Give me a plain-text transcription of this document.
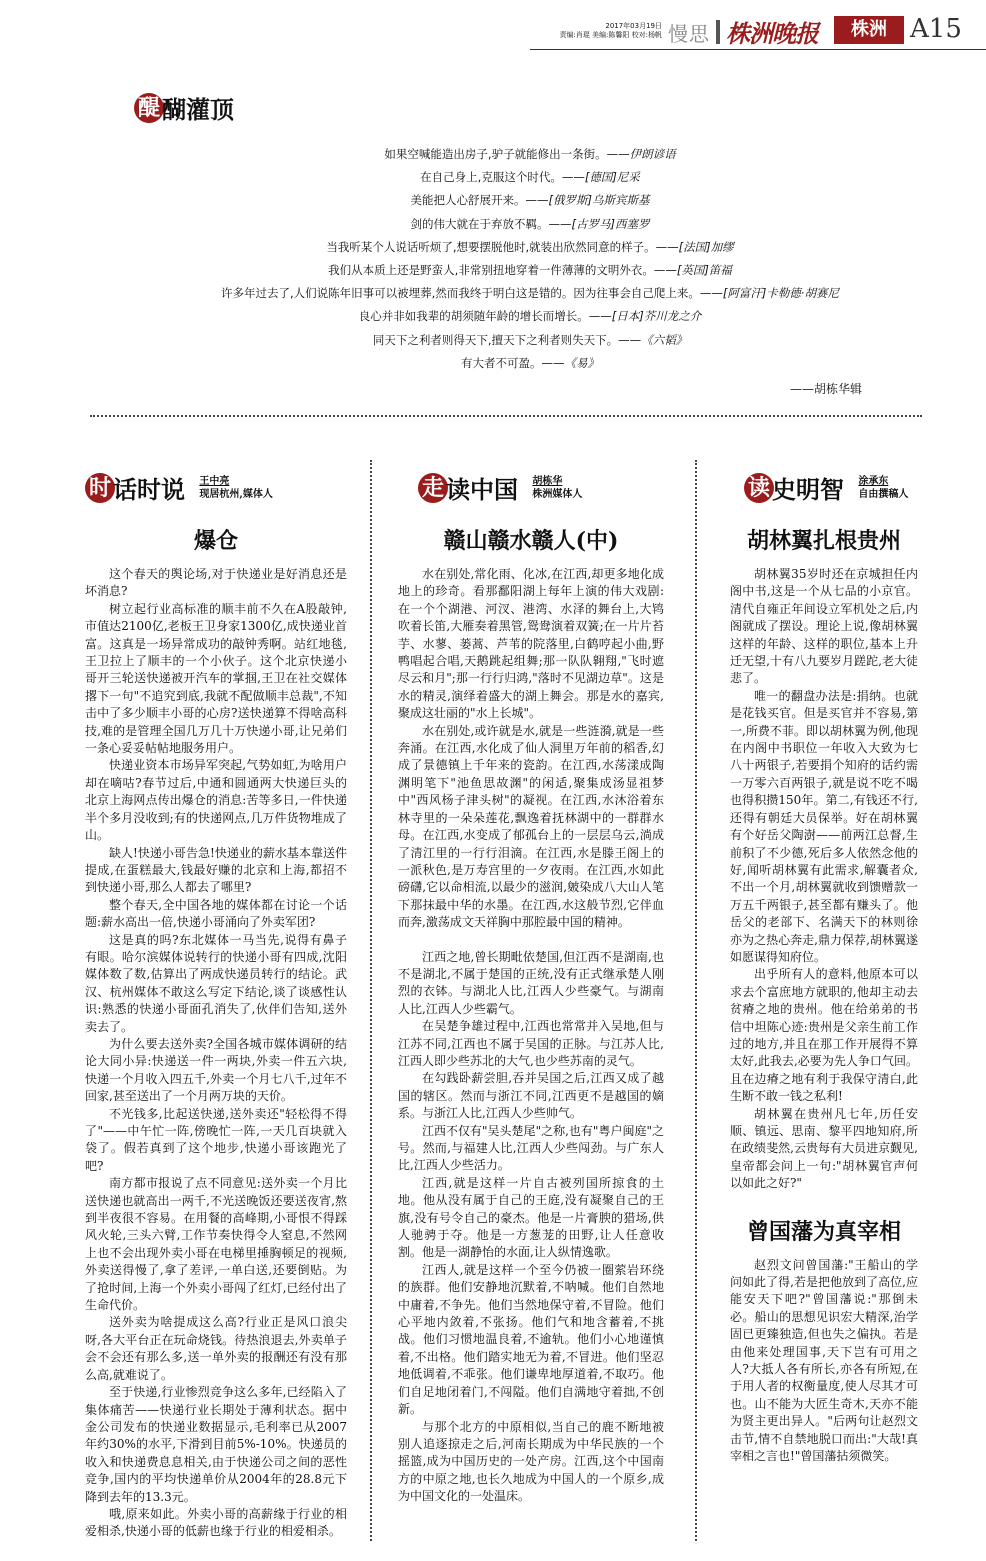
2017年03月19日
责编:肖琨 美编:陈馨阳 校对:杨帆 慢思 株洲晚报	株洲 A15
醍醐灌顶
如果空喊能造出房子,驴子就能修出一条街。——伊朗谚语
在自己身上,克服这个时代。——[德国]尼采
美能把人心舒展开来。——[俄罗斯]乌斯宾斯基
剑的伟大就在于弃放不羁。——[古罗马]西塞罗
当我听某个人说话听烦了,想要摆脱他时,就装出欣然同意的样子。——[法国]加缪
我们从本质上还是野蛮人,非常别扭地穿着一件薄薄的文明外衣。——[英国]笛福
许多年过去了,人们说陈年旧事可以被埋葬,然而我终于明白这是错的。因为往事会自己爬上来。——[阿富汗]卡勒德·胡赛尼
良心并非如我辈的胡须随年龄的增长而增长。——[日本]芥川龙之介
同天下之利者则得天下,擅天下之利者则失天下。——《六韬》
有大者不可盈。——《易》
——胡栋华辑
时话时说 王中亮
现居杭州,媒体人
爆仓

这个春天的舆论场,对于快递业是好消息还是坏消息?

树立起行业高标准的顺丰前不久在A股敲钟,市值达2100亿,老板王卫身家1300亿,成快递业首富。这真是一场异常成功的敲钟秀啊。站红地毯,王卫拉上了顺丰的一个小伙子。这个北京快递小哥开三轮送快递被开汽车的掌掴,王卫在社交媒体撂下一句"不追究到底,我就不配做顺丰总裁",不知击中了多少顺丰小哥的心房?送快递算不得啥高科技,难的是管理全国几万几十万快递小哥,让兄弟们一条心妥妥帖帖地服务用户。

快递业资本市场异军突起,气势如虹,为啥用户却在嘀咕?春节过后,中通和圆通两大快递巨头的北京上海网点传出爆仓的消息:苦等多日,一件快递半个多月没收到;有的快递网点,几万件货物堆成了山。

缺人!快递小哥告急!快递业的薪水基本靠送件提成,在蛋糕最大,钱最好赚的北京和上海,都招不到快递小哥,那么人都去了哪里?

整个春天,全中国各地的媒体都在讨论一个话题:薪水高出一倍,快递小哥涌向了外卖军团?

这是真的吗?东北媒体一马当先,说得有鼻子有眼。哈尔滨媒体说转行的快递小哥有四成,沈阳媒体数了数,估算出了两成快递员转行的结论。武汉、杭州媒体不敢这么写定下结论,谈了谈感性认识:熟悉的快递小哥面孔消失了,伙伴们告知,送外卖去了。

为什么要去送外卖?全国各城市媒体调研的结论大同小异:快递送一件一两块,外卖一件五六块,快递一个月收入四五千,外卖一个月七八千,过年不回家,甚至送出了一个月两万块的天价。

不光钱多,比起送快递,送外卖还"轻松得不得了"——中午忙一阵,傍晚忙一阵,一天几百块就入袋了。假若真到了这个地步,快递小哥该跑光了吧?

南方都市报说了点不同意见:送外卖一个月比送快递也就高出一两千,不光送晚饭还要送夜宵,熬到半夜很不容易。在用餐的高峰期,小哥恨不得踩风火轮,三头六臂,工作节奏快得令人窒息,不然网上也不会出现外卖小哥在电梯里捶胸顿足的视频,外卖送得慢了,拿了差评,一单白送,还要倒贴。为了抢时间,上海一个外卖小哥闯了红灯,已经付出了生命代价。

送外卖为啥提成这么高?行业正是风口浪尖呀,各大平台正在玩命烧钱。待热浪退去,外卖单子会不会还有那么多,送一单外卖的报酬还有没有那么高,就难说了。

至于快递,行业惨烈竞争这么多年,已经陷入了集体痛苦——快递行业长期处于薄利状态。据中金公司发布的快递业数据显示,毛利率已从2007年约30%的水平,下滑到目前5%-10%。快递员的收入和快递费息息相关,由于快递公司之间的恶性竞争,国内的平均快递单价从2004年的28.8元下降到去年的13.3元。

哦,原来如此。外卖小哥的高薪缘于行业的相爱相杀,快递小哥的低薪也缘于行业的相爱相杀。

走读中国 胡栋华
株洲媒体人
赣山赣水赣人(中)

水在别处,常化雨、化冰,在江西,却更多地化成地上的珍奇。看那鄱阳湖上每年上演的伟大戏剧:在一个个湖港、河汊、港湾、水泽的舞台上,大鸨吹着长笛,大雁奏着黑管,鸳鸯演着双簧;在一片片苔芋、水蓼、蒌蒿、芦苇的院落里,白鹤哼起小曲,野鸭唱起合唱,天鹅跳起组舞;那一队队翱翔,"飞时遮尽云和月";那一行行归鸿,"落时不见湖边草"。这是水的精灵,演绎着盛大的湖上舞会。那是水的嘉宾,聚成这壮丽的"水上长城"。

水在别处,或许就是水,就是一些涟漪,就是一些奔涌。在江西,水化成了仙人洞里万年前的稻香,幻成了景德镇上千年来的瓷韵。在江西,水荡漾成陶渊明笔下"池鱼思故渊"的闲适,聚集成汤显祖梦中"西风杨子津头树"的凝视。在江西,水沐浴着东林寺里的一朵朵莲花,飘逸着抚林湖中的一群群水母。在江西,水变成了郁孤台上的一层层乌云,淌成了清江里的一行行泪滴。在江西,水是滕王阁上的一派秋色,是万寿宫里的一夕夜雨。在江西,水如此磅礴,它以命相流,以最少的滋润,皴染成八大山人笔下那抹最中华的水墨。在江西,水这般节烈,它伴血而奔,激荡成文天祥胸中那腔最中国的精神。

江西之地,曾长期毗依楚国,但江西不是湖南,也不是湖北,不属于楚国的正统,没有正式继承楚人刚烈的衣钵。与湖北人比,江西人少些豪气。与湖南人比,江西人少些霸气。

在吴楚争雄过程中,江西也常常并入吴地,但与江苏不同,江西也不属于吴国的正脉。与江苏人比,江西人即少些苏北的大气,也少些苏南的灵气。

在勾践卧薪尝胆,吞并吴国之后,江西又成了越国的辖区。然而与浙江不同,江西更不是越国的嫡系。与浙江人比,江西人少些帅气。

江西不仅有"吴头楚尾"之称,也有"粤户闽庭"之号。然而,与福建人比,江西人少些闯劲。与广东人比,江西人少些活力。

江西,就是这样一片自古被列国所掠食的土地。他从没有属于自己的王庭,没有凝聚自己的王旗,没有号令自己的豪杰。他是一片膏腴的猎场,供人驰骋于夺。他是一方葱茏的田野,让人任意收割。他是一湖静怡的水面,让人纵情逸歌。

江西人,就是这样一个至今仍被一圈萦岩环绕的族群。他们安静地沉默着,不呐喊。他们自然地中庸着,不争先。他们当然地保守着,不冒险。他们心平地内敛着,不张扬。他们气和地含蓄着,不挑战。他们习惯地温良着,不逾轨。他们小心地谨慎着,不出格。他们踏实地无为着,不冒进。他们坚忍地低调着,不乖张。他们谦卑地厚道着,不取巧。他们自足地闭着门,不闯隘。他们自满地守着拙,不创新。

与那个北方的中原相似,当自己的鹿不断地被别人追逐掠走之后,河南长期成为中华民族的一个摇篮,成为中国历史的一处产房。江西,这个中国南方的中原之地,也长久地成为中国人的一个原乡,成为中国文化的一处温床。

读史明智 涂承东
自由撰稿人
胡林翼扎根贵州

胡林翼35岁时还在京城担任内阁中书,这是一个从七品的小京官。清代自雍正年间设立军机处之后,内阁就成了摆设。理论上说,像胡林翼这样的年龄、这样的职位,基本上升迁无望,十有八九要岁月蹉跎,老大徒悲了。

唯一的翻盘办法是:捐纳。也就是花钱买官。但是买官并不容易,第一,所费不菲。即以胡林翼为例,他现在内阁中书职位一年收入大致为七八十两银子,若要捐个知府的话约需一万零六百两银子,就是说不吃不喝也得积攒150年。第二,有钱还不行,还得有朝廷大员保举。好在胡林翼有个好岳父陶澍——前两江总督,生前积了不少德,死后多人依然念他的好,闻听胡林翼有此需求,解囊者众,不出一个月,胡林翼就收到馈赠款一万五千两银子,甚至都有赚头了。他岳父的老部下、名满天下的林则徐亦为之热心奔走,鼎力保荐,胡林翼遂如愿谋得知府位。

出乎所有人的意料,他原本可以求去个富庶地方就职的,他却主动去贫瘠之地的贵州。他在给弟弟的书信中坦陈心迹:贵州是父亲生前工作过的地方,并且在那工作开展得不算太好,此我去,必要为先人争口气回。且在边瘠之地有利于我保守清白,此生断不敢一钱之私利!

胡林翼在贵州凡七年,历任安顺、镇远、思南、黎平四地知府,所在政绩斐然,云贵每有大员进京觐见,皇帝都会问上一句:"胡林翼官声何以如此之好?"

曾国藩为真宰相

赵烈文问曾国藩:"王船山的学问如此了得,若是把他放到了高位,应能安天下吧?"曾国藩说:"那倒未必。船山的思想见识宏大精深,治学固已更臻独造,但也失之偏执。若是由他来处理国事,天下岂有可用之人?大抵人各有所长,亦各有所短,在于用人者的权衡量度,使人尽其才可也。山不能为大匠生奇木,天亦不能为贤主更出异人。"后两句让赵烈文击节,情不自禁地脱口而出:"大哉!真宰相之言也!"曾国藩拈须微笑。
